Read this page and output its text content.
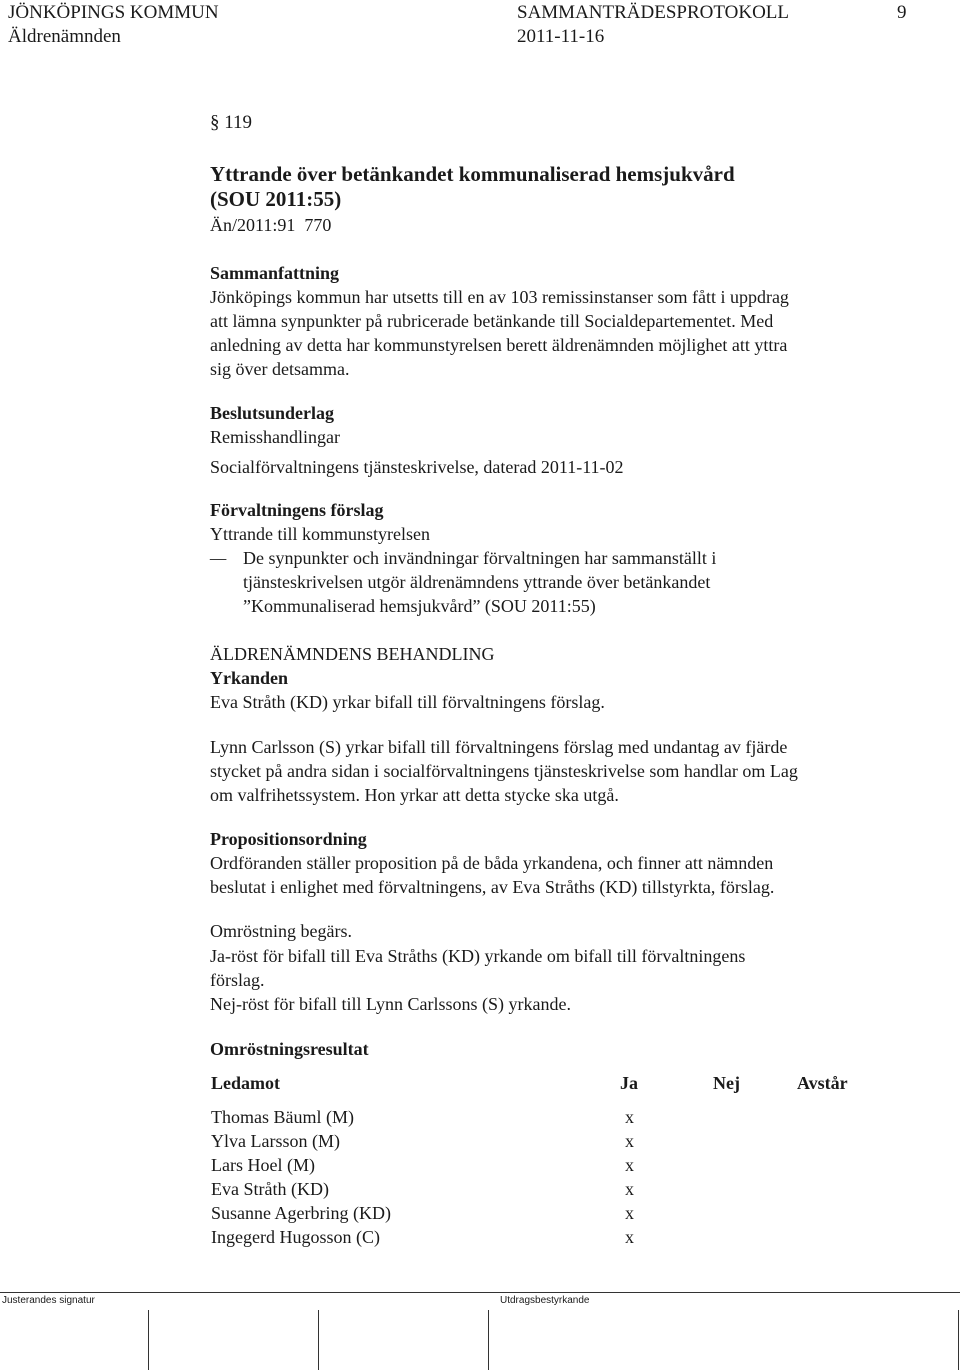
JÖNKÖPINGS KOMMUN
Äldrenämnden
SAMMANTRÄDESPROTOKOLL
2011-11-16
9
§ 119
Yttrande över betänkandet kommunaliserad hemsjukvård
(SOU 2011:55)
Än/2011:91  770
Sammanfattning
Jönköpings kommun har utsetts till en av 103 remissinstanser som fått i uppdrag
att lämna synpunkter på rubricerade betänkande till Socialdepartementet. Med
anledning av detta har kommunstyrelsen berett äldrenämnden möjlighet att yttra
sig över detsamma.
Beslutsunderlag
Remisshandlingar
Socialförvaltningens tjänsteskrivelse, daterad 2011-11-02
Förvaltningens förslag
Yttrande till kommunstyrelsen
– De synpunkter och invändningar förvaltningen har sammanställt i
tjänsteskrivelsen utgör äldrenämndens yttrande över betänkandet
”Kommunaliserad hemsjukvård” (SOU 2011:55)
ÄLDRENÄMNDENS BEHANDLING
Yrkanden
Eva Stråth (KD) yrkar bifall till förvaltningens förslag.
Lynn Carlsson (S) yrkar bifall till förvaltningens förslag med undantag av fjärde
stycket på andra sidan i socialförvaltningens tjänsteskrivelse som handlar om Lag
om valfrihetssystem. Hon yrkar att detta stycke ska utgå.
Propositionsordning
Ordföranden ställer proposition på de båda yrkandena, och finner att nämnden
beslutat i enlighet med förvaltningens, av Eva Stråths (KD) tillstyrkta, förslag.
Omröstning begärs.
Ja-röst för bifall till Eva Stråths (KD) yrkande om bifall till förvaltningens
förslag.
Nej-röst för bifall till Lynn Carlssons (S) yrkande.
Omröstningsresultat
Ledamot	Ja	Nej	Avstår
Thomas Bäuml (M)	x
Ylva Larsson (M)	x
Lars Hoel (M)	x
Eva Stråth (KD)	x
Susanne Agerbring (KD)	x
Ingegerd Hugosson (C)	x
Justerandes signatur	Utdragsbestyrkande
